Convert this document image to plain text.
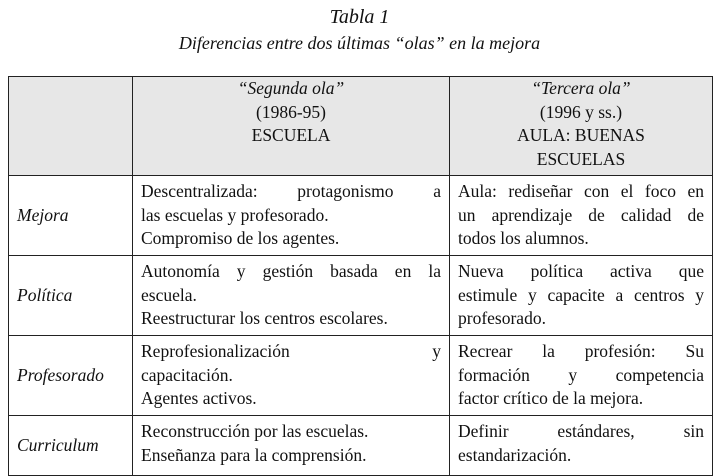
Tabla 1
Diferencias entre dos últimas “olas” en la mejora

	“Segunda ola”
(1986-95)
ESCUELA	“Tercera ola”
(1996 y ss.)
AULA: BUENAS
ESCUELAS

Mejora	Descentralizada: protagonismo a
las escuelas y profesorado.
Compromiso de los agentes.	Aula: rediseñar con el foco en
un aprendizaje de calidad de
todos los alumnos.

Política	Autonomía y gestión basada en la
escuela.
Reestructurar los centros escolares.	Nueva política activa que
estimule y capacite a centros y
profesorado.

Profesorado	Reprofesionalización y
capacitación.
Agentes activos.	Recrear la profesión: Su
formación y competencia
factor crítico de la mejora.

Curriculum	Reconstrucción por las escuelas.
Enseñanza para la comprensión.	Definir estándares, sin
estandarización.
